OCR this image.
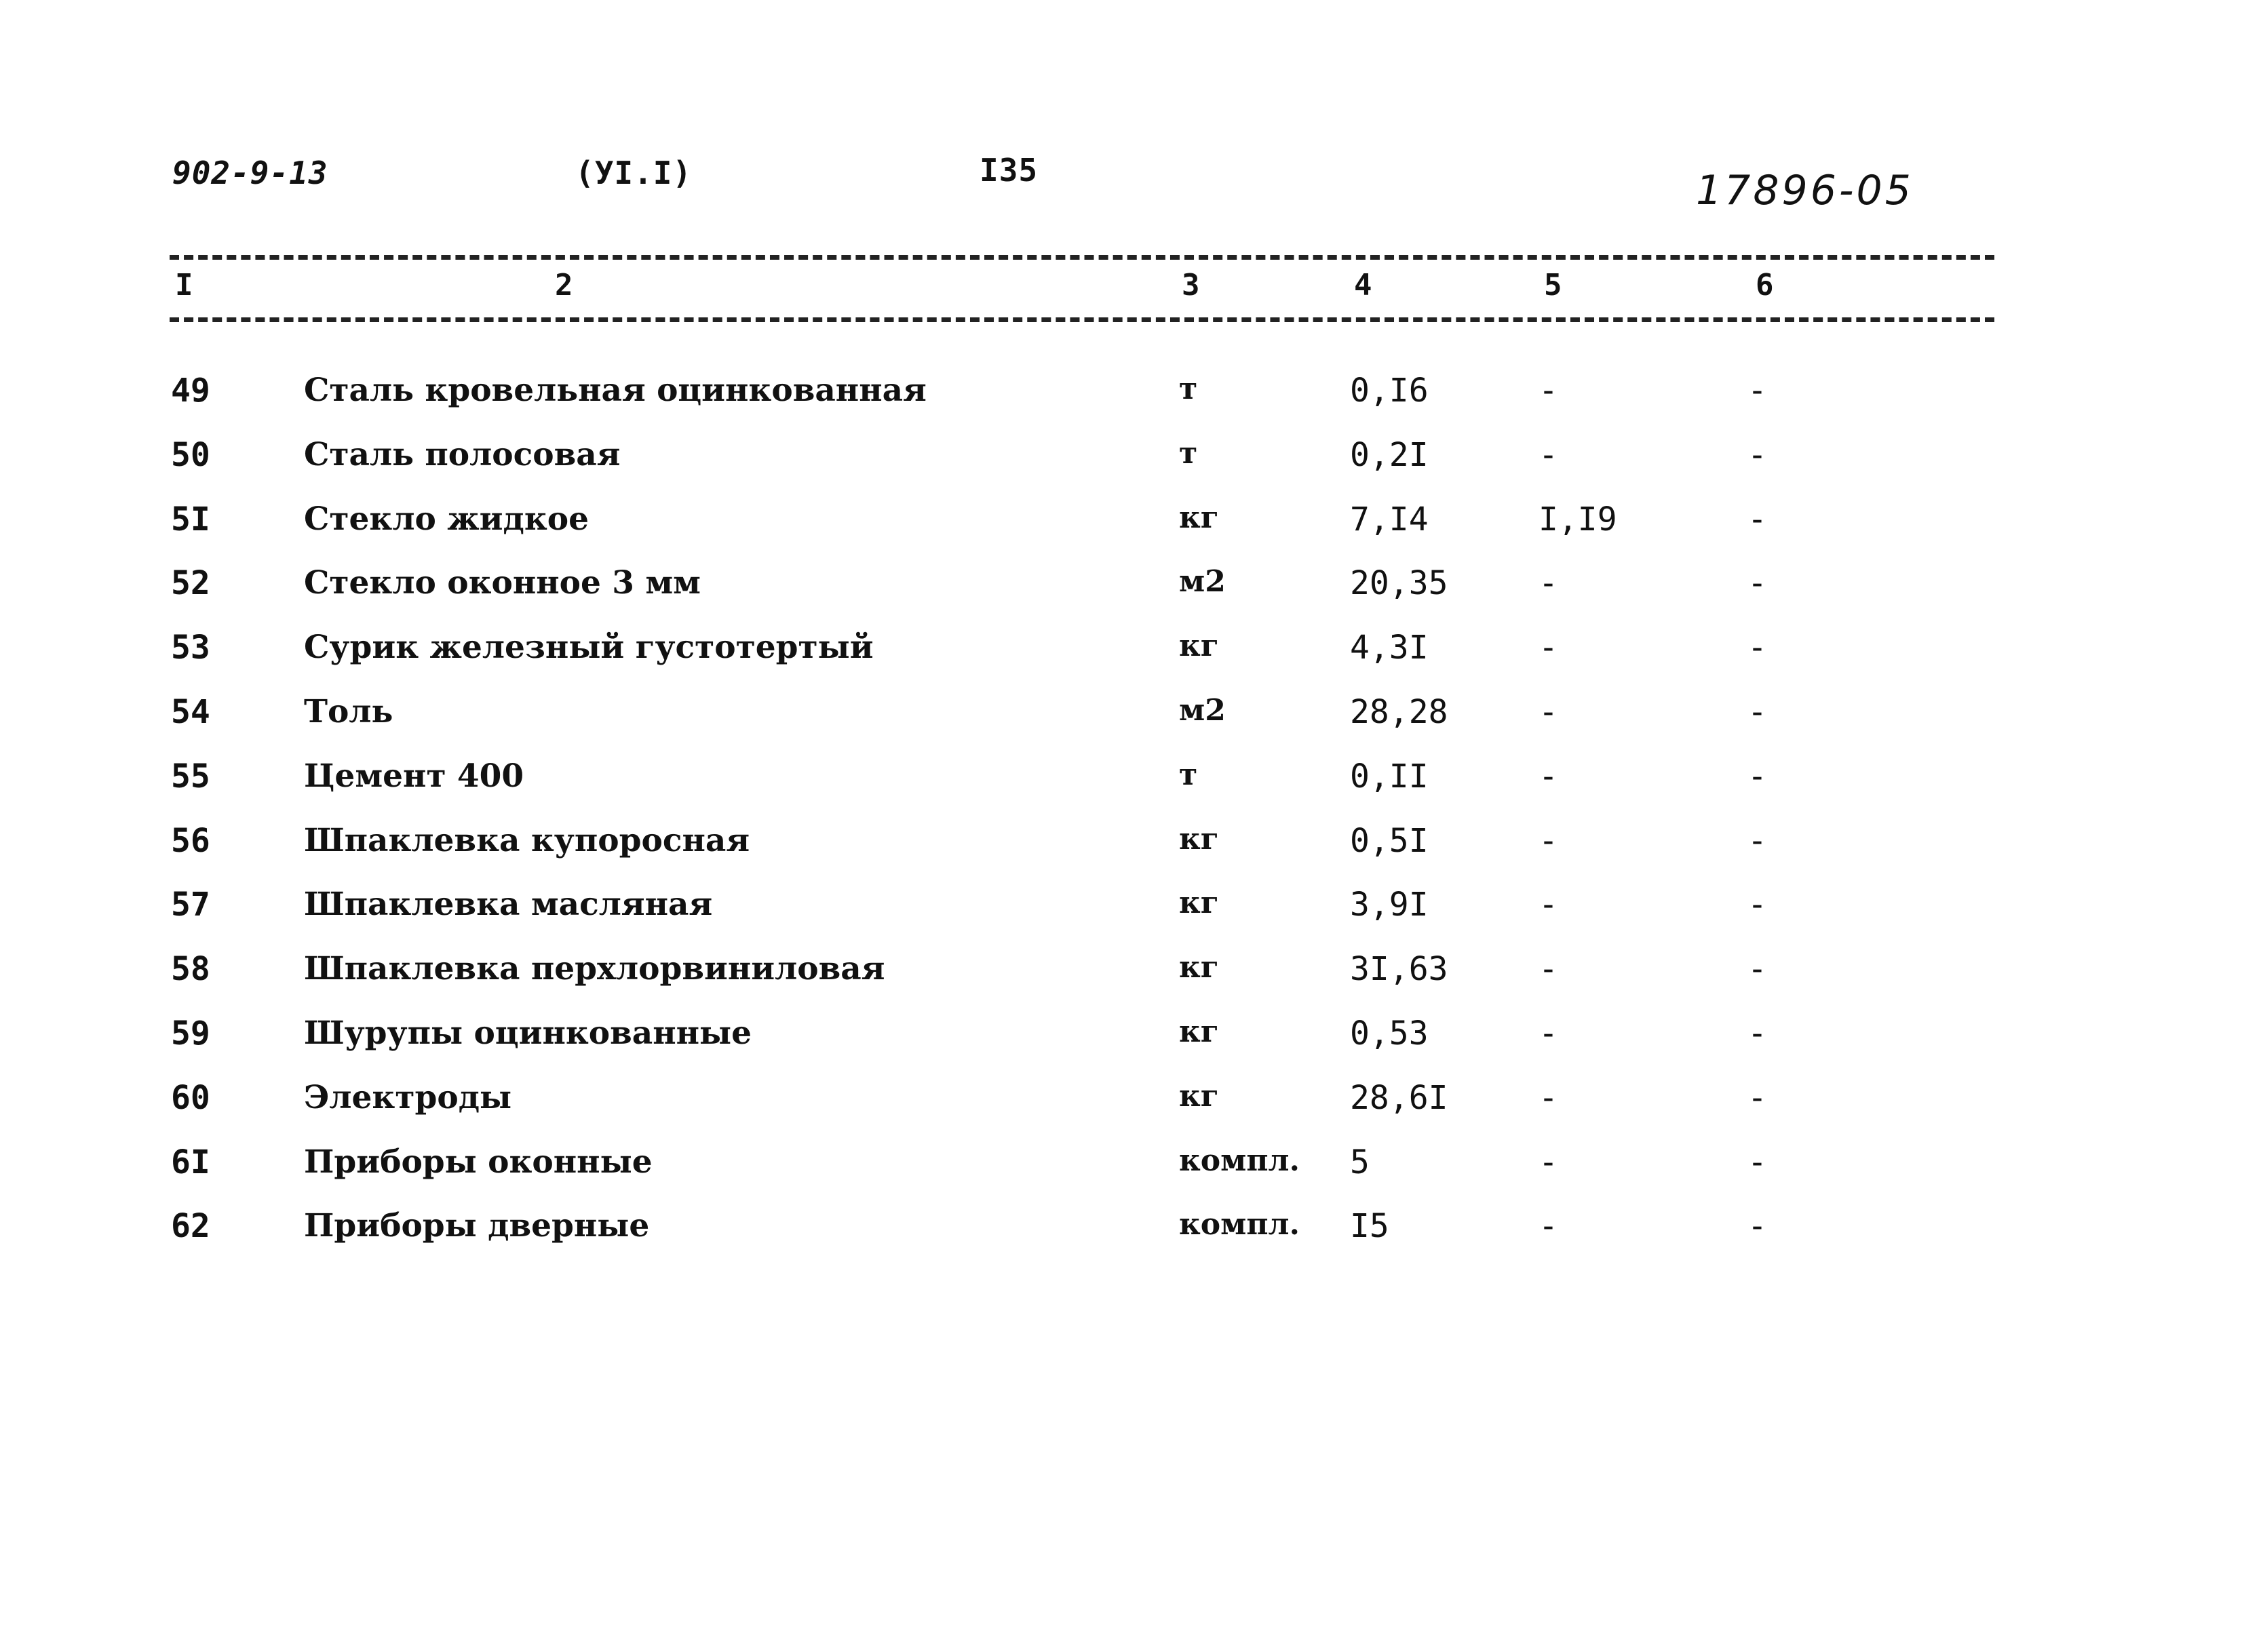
902-9-13	(УI.I)	I35	17896-05
I	2	3	4	5	6
49	Сталь кровельная оцинкованная	т	0,I6	-	-
50	Сталь полосовая	т	0,2I	-	-
5I	Стекло жидкое	кг	7,I4	I,I9	-
52	Стекло оконное 3 мм	м2	20,35	-	-
53	Сурик железный густотертый	кг	4,3I	-	-
54	Толь	м2	28,28	-	-
55	Цемент 400	т	0,II	-	-
56	Шпаклевка купоросная	кг	0,5I	-	-
57	Шпаклевка масляная	кг	3,9I	-	-
58	Шпаклевка перхлорвиниловая	кг	3I,63	-	-
59	Шурупы оцинкованные	кг	0,53	-	-
60	Электроды	кг	28,6I	-	-
6I	Приборы оконные	компл. 5	-	-
62	Приборы дверные	компл. I5	-	-
